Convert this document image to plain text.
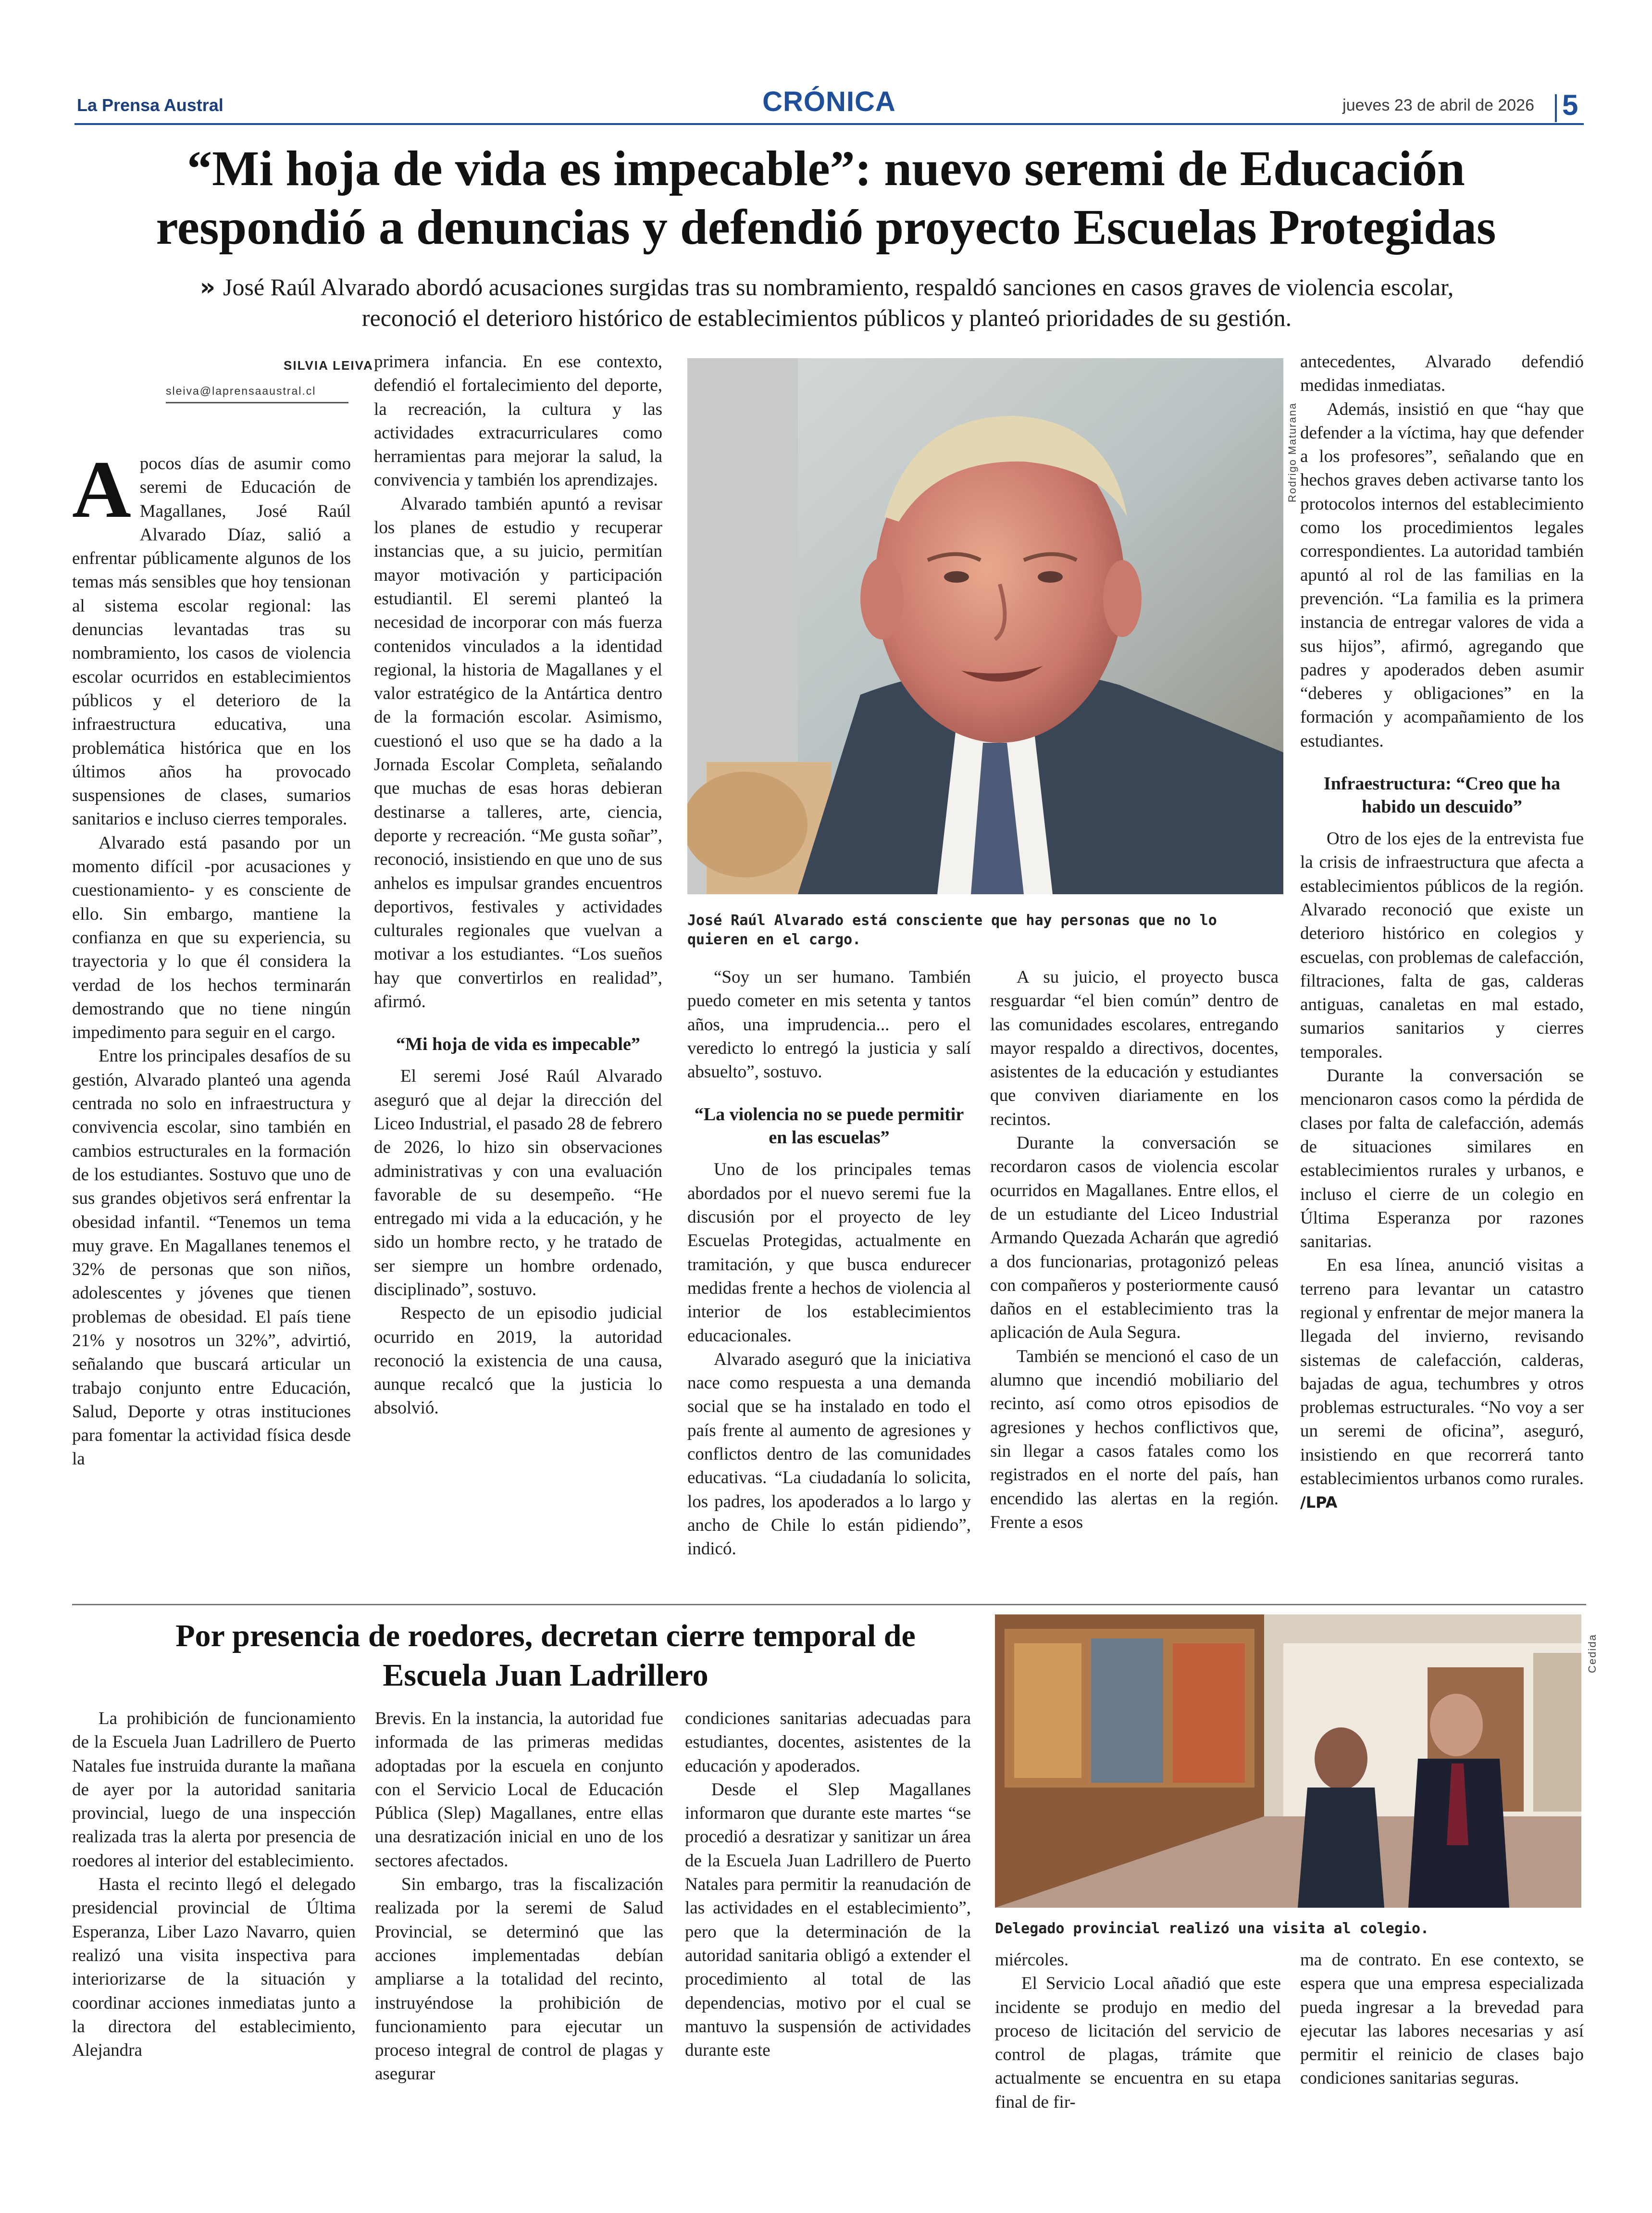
La Prensa Austral	CRÓNICA	jueves 23 de abril de 2026 5
“Mi hoja de vida es impecable”: nuevo seremi de Educación respondió a denuncias y defendió proyecto Escuelas Protegidas
» José Raúl Alvarado abordó acusaciones surgidas tras su nombramiento, respaldó sanciones en casos graves de violencia escolar, reconoció el deterioro histórico de establecimientos públicos y planteó prioridades de su gestión.
SILVIA LEIVA
sleiva@laprensaaustral.cl

Apocos días de asumir como seremi de Educación de Magallanes, José Raúl Alvarado Díaz, salió a enfrentar públicamente algunos de los temas más sensibles que hoy tensionan al sistema escolar regional: las denuncias levantadas tras su nombramiento, los casos de violencia escolar ocurridos en establecimientos públicos y el deterioro de la infraestructura educativa, una problemática histórica que en los últimos años ha provocado suspensiones de clases, sumarios sanitarios e incluso cierres temporales.

Alvarado está pasando por un momento difícil -por acusaciones y cuestionamiento- y es consciente de ello. Sin embargo, mantiene la confianza en que su experiencia, su trayectoria y lo que él considera la verdad de los hechos terminarán demostrando que no tiene ningún impedimento para seguir en el cargo.

Entre los principales desafíos de su gestión, Alvarado planteó una agenda centrada no solo en infraestructura y convivencia escolar, sino también en cambios estructurales en la formación de los estudiantes. Sostuvo que uno de sus grandes objetivos será enfrentar la obesidad infantil. “Tenemos un tema muy grave. En Magallanes tenemos el 32% de personas que son niños, adolescentes y jóvenes que tienen problemas de obesidad. El país tiene 21% y nosotros un 32%”, advirtió, señalando que buscará articular un trabajo conjunto entre Educación, Salud, Deporte y otras instituciones para fomentar la actividad física desde la

primera infancia. En ese contexto, defendió el fortalecimiento del deporte, la recreación, la cultura y las actividades extracurriculares como herramientas para mejorar la salud, la convivencia y también los aprendizajes.

Alvarado también apuntó a revisar los planes de estudio y recuperar instancias que, a su juicio, permitían mayor motivación y participación estudiantil. El seremi planteó la necesidad de incorporar con más fuerza contenidos vinculados a la identidad regional, la historia de Magallanes y el valor estratégico de la Antártica dentro de la formación escolar. Asimismo, cuestionó el uso que se ha dado a la Jornada Escolar Completa, señalando que muchas de esas horas debieran destinarse a talleres, arte, ciencia, deporte y recreación. “Me gusta soñar”, reconoció, insistiendo en que uno de sus anhelos es impulsar grandes encuentros deportivos, festivales y actividades culturales regionales que vuelvan a motivar a los estudiantes. “Los sueños hay que convertirlos en realidad”, afirmó.

“Mi hoja de vida es impecable”

El seremi José Raúl Alvarado aseguró que al dejar la dirección del Liceo Industrial, el pasado 28 de febrero de 2026, lo hizo sin observaciones administrativas y con una evaluación favorable de su desempeño. “He entregado mi vida a la educación, y he sido un hombre recto, y he tratado de ser siempre un hombre ordenado, disciplinado”, sostuvo.

Respecto de un episodio judicial ocurrido en 2019, la autoridad reconoció la existencia de una causa, aunque recalcó que la justicia lo absolvió.

Rodrigo Maturana
José Raúl Alvarado está consciente que hay personas que no lo quieren en el cargo.

“Soy un ser humano. También puedo cometer en mis setenta y tantos años, una imprudencia... pero el veredicto lo entregó la justicia y salí absuelto”, sostuvo.

“La violencia no se puede permitir en las escuelas”

Uno de los principales temas abordados por el nuevo seremi fue la discusión por el proyecto de ley Escuelas Protegidas, actualmente en tramitación, y que busca endurecer medidas frente a hechos de violencia al interior de los establecimientos educacionales.

Alvarado aseguró que la iniciativa nace como respuesta a una demanda social que se ha instalado en todo el país frente al aumento de agresiones y conflictos dentro de las comunidades educativas. “La ciudadanía lo solicita, los padres, los apoderados a lo largo y ancho de Chile lo están pidiendo”, indicó.

A su juicio, el proyecto busca resguardar “el bien común” dentro de las comunidades escolares, entregando mayor respaldo a directivos, docentes, asistentes de la educación y estudiantes que conviven diariamente en los recintos.

Durante la conversación se recordaron casos de violencia escolar ocurridos en Magallanes. Entre ellos, el de un estudiante del Liceo Industrial Armando Quezada Acharán que agredió a dos funcionarias, protagonizó peleas con compañeros y posteriormente causó daños en el establecimiento tras la aplicación de Aula Segura.

También se mencionó el caso de un alumno que incendió mobiliario del recinto, así como otros episodios de agresiones y hechos conflictivos que, sin llegar a casos fatales como los registrados en el norte del país, han encendido las alertas en la región. Frente a esos

antecedentes, Alvarado defendió medidas inmediatas.

Además, insistió en que “hay que defender a la víctima, hay que defender a los profesores”, señalando que en hechos graves deben activarse tanto los protocolos internos del establecimiento como los procedimientos legales correspondientes. La autoridad también apuntó al rol de las familias en la prevención. “La familia es la primera instancia de entregar valores de vida a sus hijos”, afirmó, agregando que padres y apoderados deben asumir “deberes y obligaciones” en la formación y acompañamiento de los estudiantes.

Infraestructura: “Creo que ha habido un descuido”

Otro de los ejes de la entrevista fue la crisis de infraestructura que afecta a establecimientos públicos de la región. Alvarado reconoció que existe un deterioro histórico en colegios y escuelas, con problemas de calefacción, filtraciones, falta de gas, calderas antiguas, canaletas en mal estado, sumarios sanitarios y cierres temporales.

Durante la conversación se mencionaron casos como la pérdida de clases por falta de calefacción, además de situaciones similares en establecimientos rurales y urbanos, e incluso el cierre de un colegio en Última Esperanza por razones sanitarias.

En esa línea, anunció visitas a terreno para levantar un catastro regional y enfrentar de mejor manera la llegada del invierno, revisando sistemas de calefacción, calderas, bajadas de agua, techumbres y otros problemas estructurales. “No voy a ser un seremi de oficina”, aseguró, insistiendo en que recorrerá tanto establecimientos urbanos como rurales. /LPA

Por presencia de roedores, decretan cierre temporal de Escuela Juan Ladrillero
Cedida
Delegado provincial realizó una visita al colegio.

La prohibición de funcionamiento de la Escuela Juan Ladrillero de Puerto Natales fue instruida durante la mañana de ayer por la autoridad sanitaria provincial, luego de una inspección realizada tras la alerta por presencia de roedores al interior del establecimiento.

Hasta el recinto llegó el delegado presidencial provincial de Última Esperanza, Liber Lazo Navarro, quien realizó una visita inspectiva para interiorizarse de la situación y coordinar acciones inmediatas junto a la directora del establecimiento, Alejandra

Brevis. En la instancia, la autoridad fue informada de las primeras medidas adoptadas por la escuela en conjunto con el Servicio Local de Educación Pública (Slep) Magallanes, entre ellas una desratización inicial en uno de los sectores afectados.

Sin embargo, tras la fiscalización realizada por la seremi de Salud Provincial, se determinó que las acciones implementadas debían ampliarse a la totalidad del recinto, instruyéndose la prohibición de funcionamiento para ejecutar un proceso integral de control de plagas y asegurar

condiciones sanitarias adecuadas para estudiantes, docentes, asistentes de la educación y apoderados.

Desde el Slep Magallanes informaron que durante este martes “se procedió a desratizar y sanitizar un área de la Escuela Juan Ladrillero de Puerto Natales para permitir la reanudación de las actividades en el establecimiento”, pero que la determinación de la autoridad sanitaria obligó a extender el procedimiento al total de las dependencias, motivo por el cual se mantuvo la suspensión de actividades durante este

miércoles.

El Servicio Local añadió que este incidente se produjo en medio del proceso de licitación del servicio de control de plagas, trámite que actualmente se encuentra en su etapa final de fir-

ma de contrato. En ese contexto, se espera que una empresa especializada pueda ingresar a la brevedad para ejecutar las labores necesarias y así permitir el reinicio de clases bajo condiciones sanitarias seguras.
